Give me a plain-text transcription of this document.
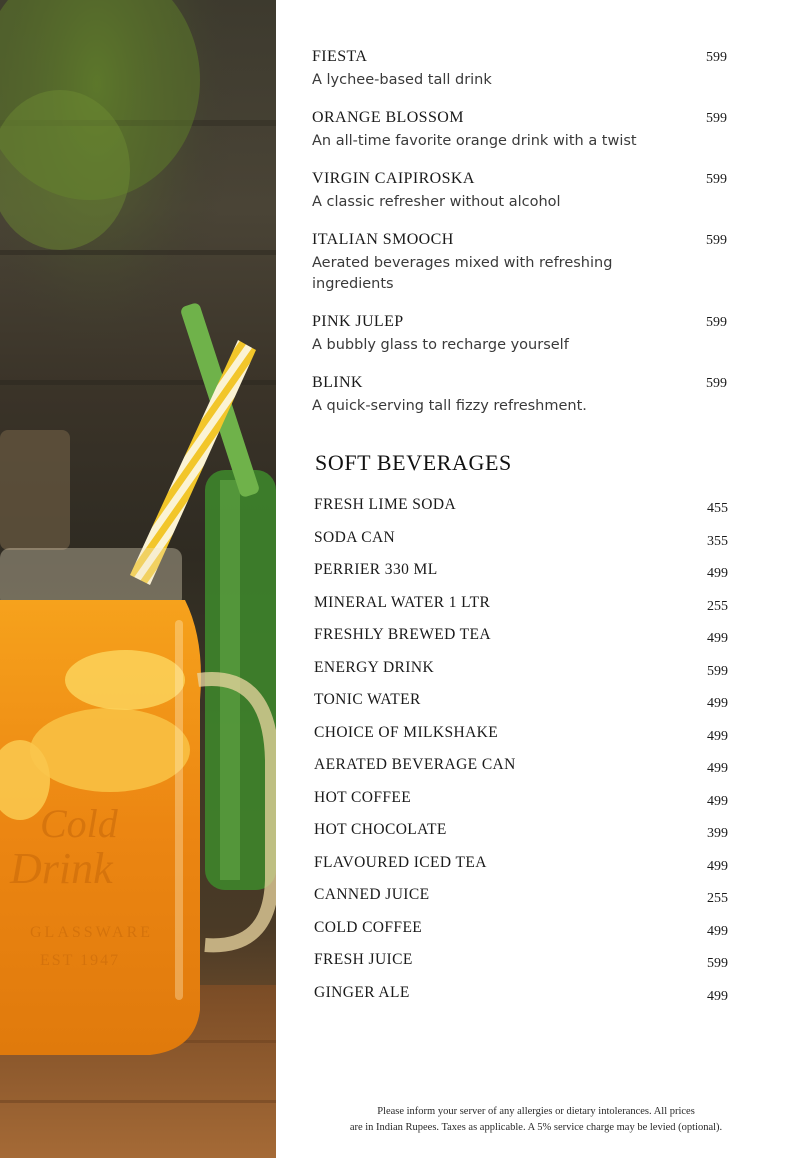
Cold
Drink
GLASSWARE
EST 1947
FIESTA
A lychee-based tall drink
599
ORANGE BLOSSOM
An all-time favorite orange drink with a twist
599
VIRGIN CAIPIROSKA
A classic refresher without alcohol
599
ITALIAN SMOOCH
Aerated beverages mixed with refreshing ingredients
599
PINK JULEP
A bubbly glass to recharge yourself
599
BLINK
A quick-serving tall fizzy refreshment.
599
SOFT BEVERAGES
FRESH LIME SODA	455
SODA CAN	355
PERRIER 330 ML	499
MINERAL WATER 1 LTR	255
FRESHLY BREWED TEA	499
ENERGY DRINK	599
TONIC WATER	499
CHOICE OF MILKSHAKE	499
AERATED BEVERAGE CAN	499
HOT COFFEE	499
HOT CHOCOLATE	399
FLAVOURED ICED TEA	499
CANNED JUICE	255
COLD COFFEE	499
FRESH JUICE	599
GINGER ALE	499
Please inform your server of any allergies or dietary intolerances. All prices
are in Indian Rupees. Taxes as applicable. A 5% service charge may be levied (optional).
